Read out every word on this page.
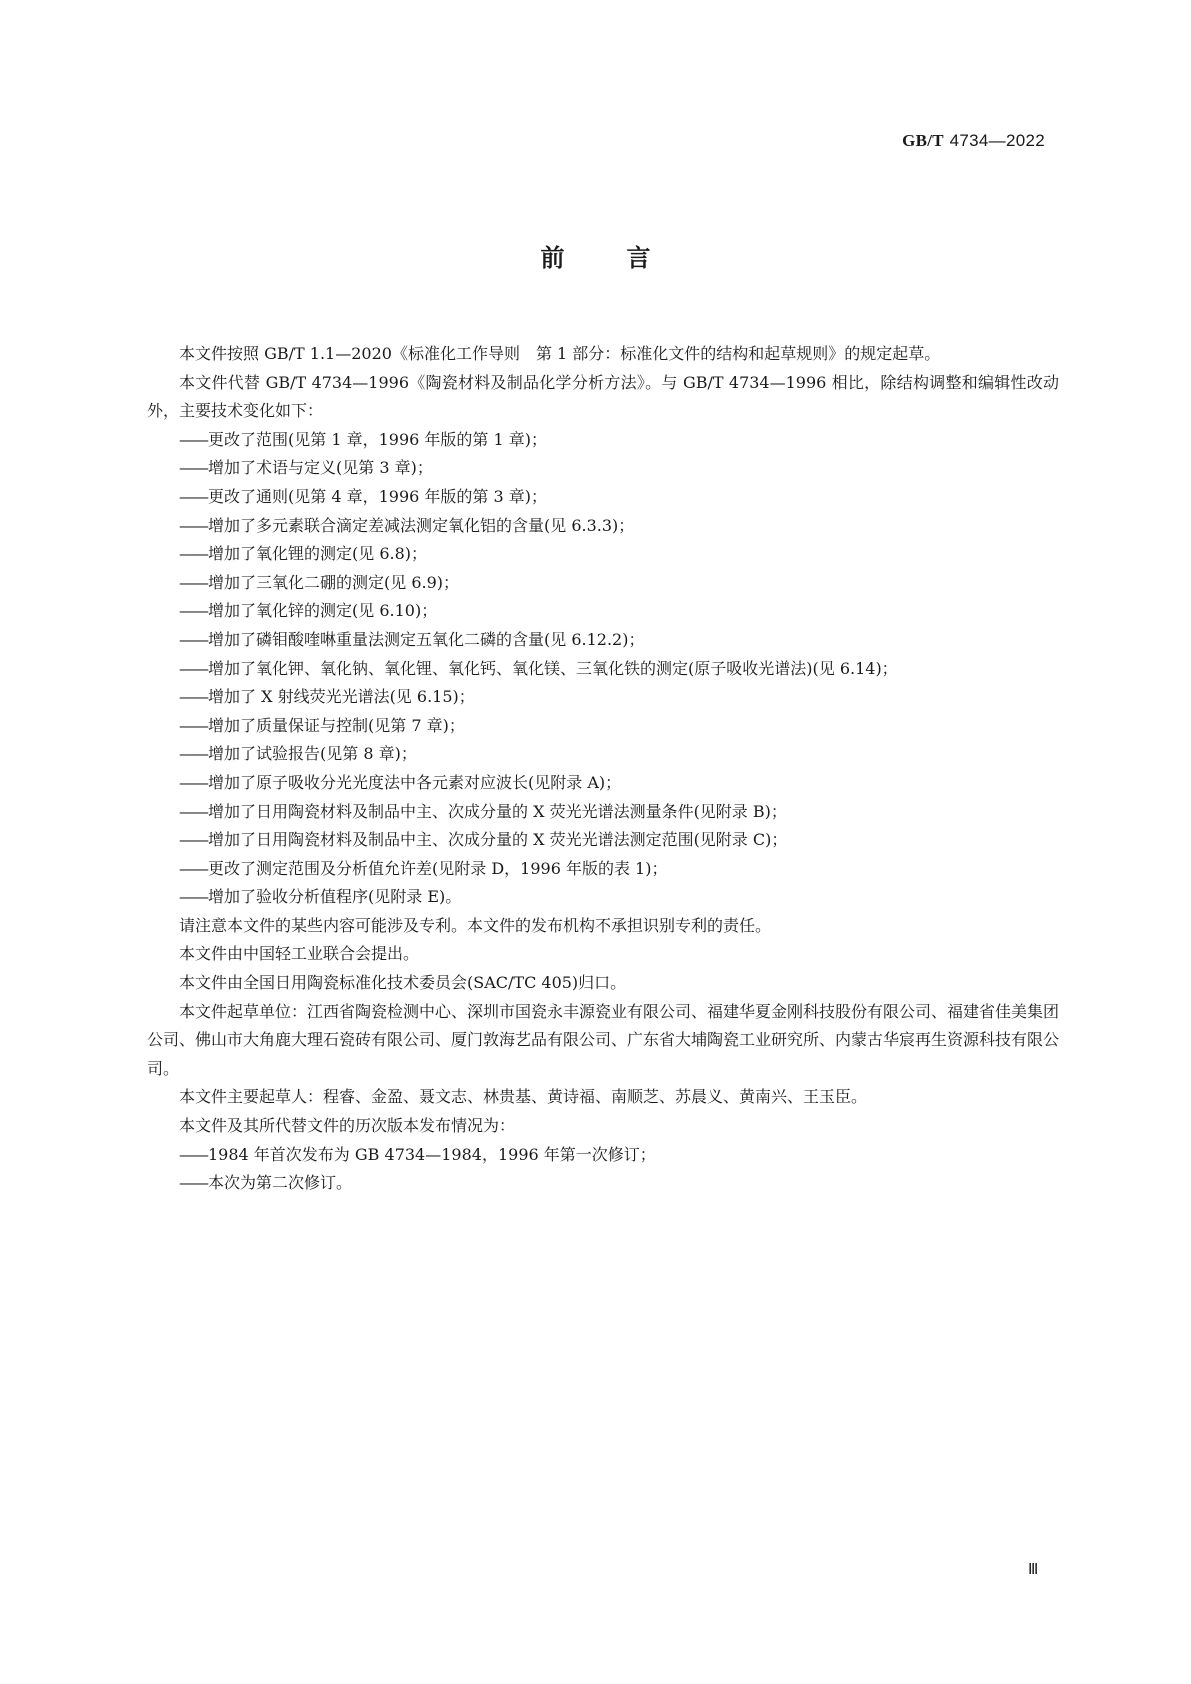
GB/T 4734—2022
前言

本文件按照 GB/T 1.1—2020《标准化工作导则　第 1 部分：标准化文件的结构和起草规则》的规定起草。

本文件代替 GB/T 4734—1996《陶瓷材料及制品化学分析方法》。与 GB/T 4734—1996 相比，除结构调整和编辑性改动外，主要技术变化如下：

——更改了范围(见第 1 章，1996 年版的第 1 章)；
——增加了术语与定义(见第 3 章)；
——更改了通则(见第 4 章，1996 年版的第 3 章)；
——增加了多元素联合滴定差减法测定氧化铝的含量(见 6.3.3)；
——增加了氧化锂的测定(见 6.8)；
——增加了三氧化二硼的测定(见 6.9)；
——增加了氧化锌的测定(见 6.10)；
——增加了磷钼酸喹啉重量法测定五氧化二磷的含量(见 6.12.2)；
——增加了氧化钾、氧化钠、氧化锂、氧化钙、氧化镁、三氧化铁的测定(原子吸收光谱法)(见 6.14)；
——增加了 X 射线荧光光谱法(见 6.15)；
——增加了质量保证与控制(见第 7 章)；
——增加了试验报告(见第 8 章)；
——增加了原子吸收分光光度法中各元素对应波长(见附录 A)；
——增加了日用陶瓷材料及制品中主、次成分量的 X 荧光光谱法测量条件(见附录 B)；
——增加了日用陶瓷材料及制品中主、次成分量的 X 荧光光谱法测定范围(见附录 C)；
——更改了测定范围及分析值允许差(见附录 D，1996 年版的表 1)；
——增加了验收分析值程序(见附录 E)。

请注意本文件的某些内容可能涉及专利。本文件的发布机构不承担识别专利的责任。

本文件由中国轻工业联合会提出。

本文件由全国日用陶瓷标准化技术委员会(SAC/TC 405)归口。

本文件起草单位：江西省陶瓷检测中心、深圳市国瓷永丰源瓷业有限公司、福建华夏金刚科技股份有限公司、福建省佳美集团公司、佛山市大角鹿大理石瓷砖有限公司、厦门敦海艺品有限公司、广东省大埔陶瓷工业研究所、内蒙古华宸再生资源科技有限公司。

本文件主要起草人：程睿、金盈、聂文志、林贵基、黄诗福、南顺芝、苏晨义、黄南兴、王玉臣。

本文件及其所代替文件的历次版本发布情况为：

——1984 年首次发布为 GB 4734—1984，1996 年第一次修订；
——本次为第二次修订。
Ⅲ
